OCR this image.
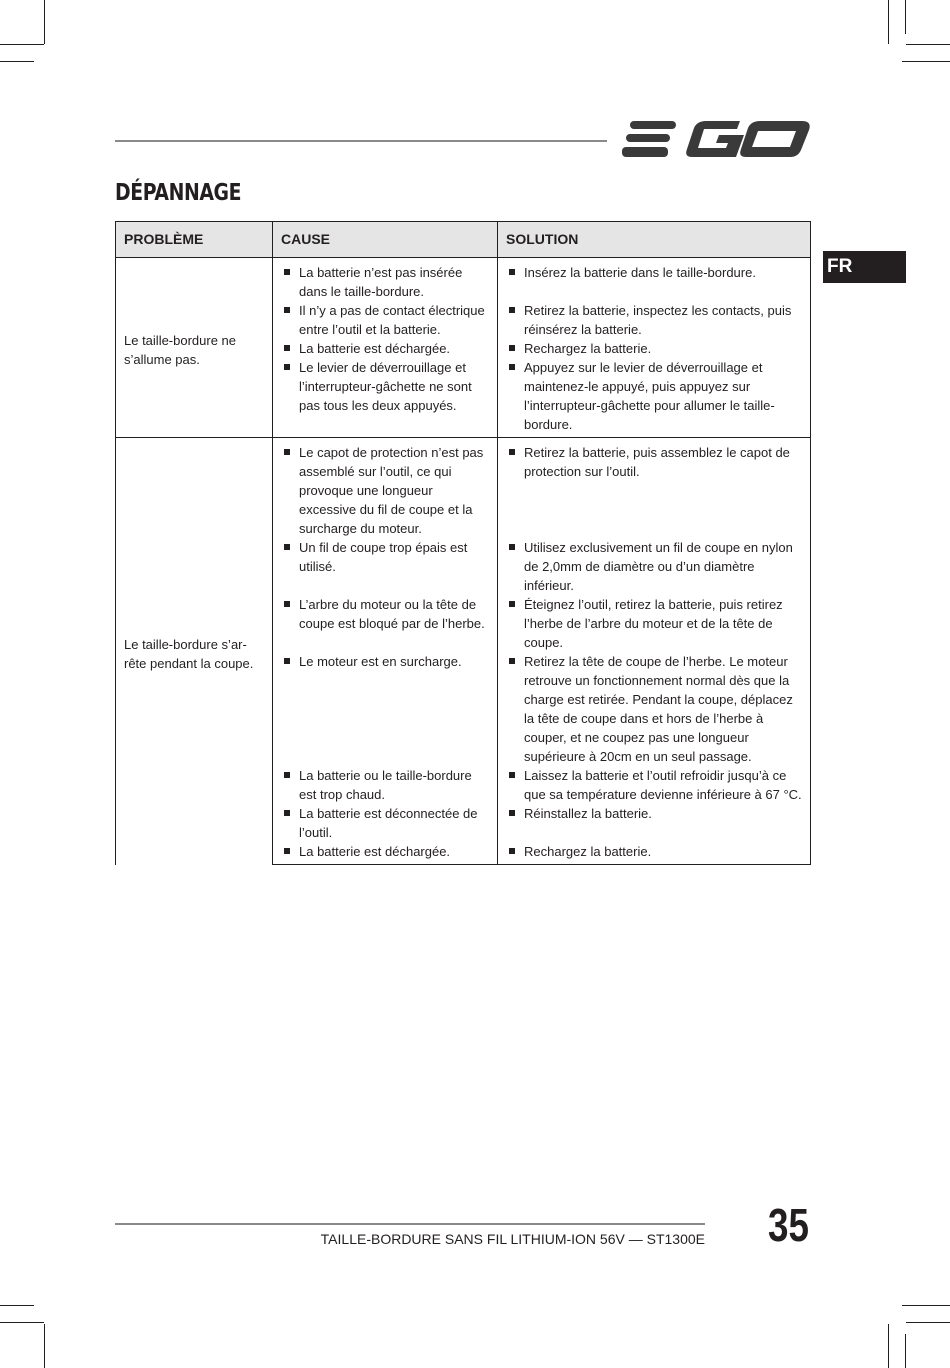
DÉPANNAGE
FR
PROBLÈME	CAUSE	SOLUTION
Le taille-bordure ne s’allume pas.	La batterie n’est pas insérée dans le taille-bordure.	Insérez la batterie dans le taille-bordure.

	Il n’y a pas de contact électrique entre l’outil et la batterie.	Retirez la batterie, inspectez les contacts, puis réinsérez la batterie.

	La batterie est déchargée.	Rechargez la batterie.

	Le levier de déverrouillage et l’interrupteur-gâchette ne sont pas tous les deux appuyés.	Appuyez sur le levier de déverrouillage et maintenez-le appuyé, puis appuyez sur l’interrupteur-gâchette pour allumer le taille-bordure.

Le taille-bordure s’arrête pendant la coupe.	Le capot de protection n’est pas assemblé sur l’outil, ce qui provoque une longueur excessive du fil de coupe et la surcharge du moteur.	Retirez la batterie, puis assemblez le capot de protection sur l’outil.

	Un fil de coupe trop épais est utilisé.	Utilisez exclusivement un fil de coupe en nylon de 2,0mm de diamètre ou d’un diamètre inférieur.

	L’arbre du moteur ou la tête de coupe est bloqué par de l’herbe.	Éteignez l’outil, retirez la batterie, puis retirez l’herbe de l’arbre du moteur et de la tête de coupe.

	Le moteur est en surcharge.	Retirez la tête de coupe de l’herbe. Le moteur retrouve un fonctionnement normal dès que la charge est retirée. Pendant la coupe, déplacez la tête de coupe dans et hors de l’herbe à couper, et ne coupez pas une longueur supérieure à 20cm en un seul passage.

	La batterie ou le taille-bordure est trop chaud.	Laissez la batterie et l’outil refroidir jusqu’à ce que sa température devienne inférieure à 67 °C.

	La batterie est déconnectée de l’outil.	Réinstallez la batterie.

	La batterie est déchargée.	Rechargez la batterie.
TAILLE-BORDURE SANS FIL LITHIUM-ION 56V — ST1300E 35
